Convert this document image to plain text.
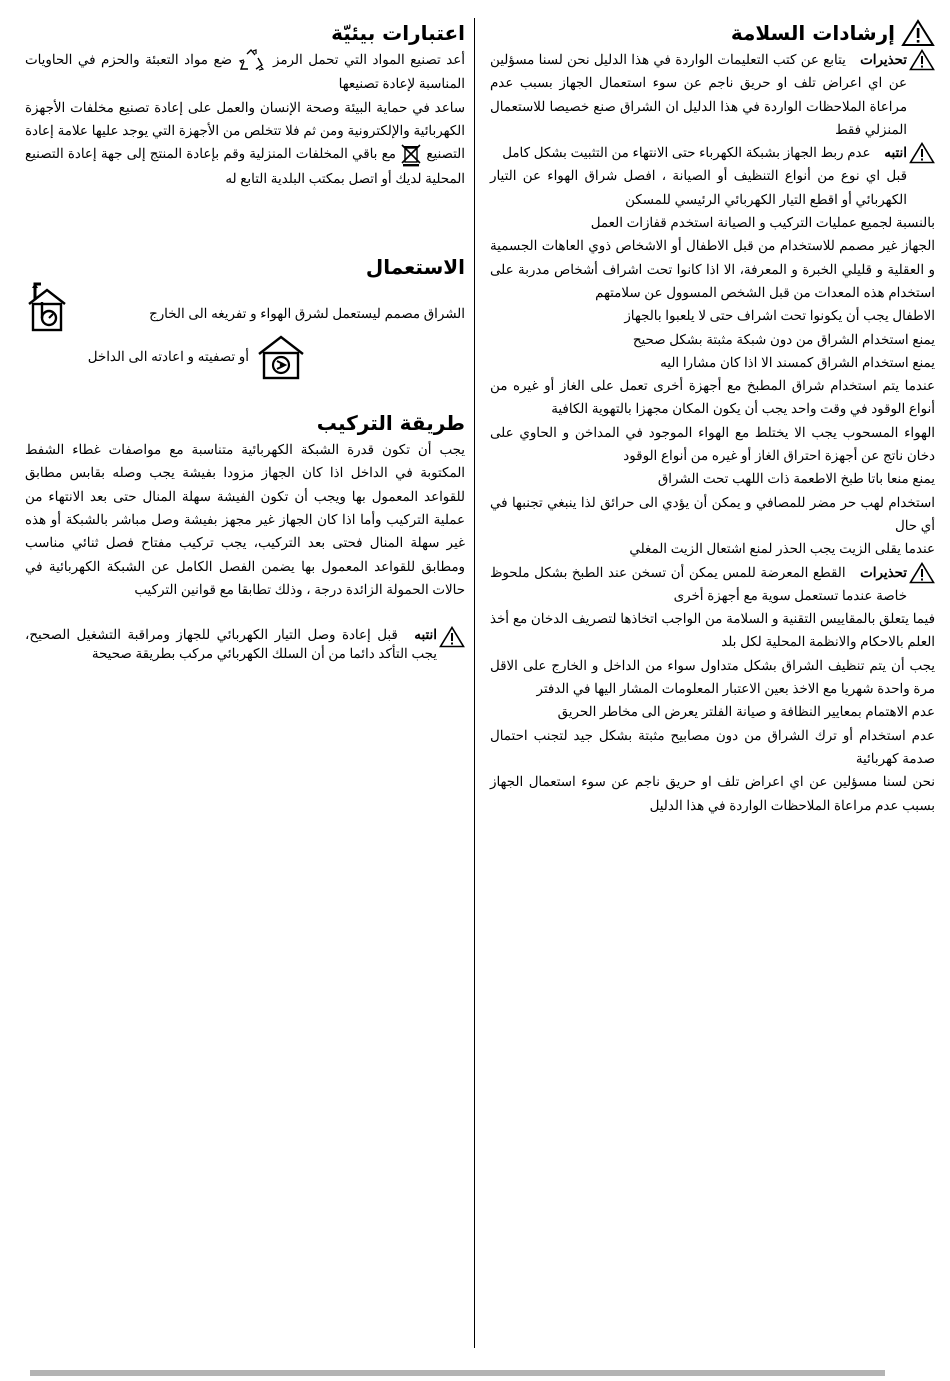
إرشادات السلامة

تحذيرات يتابع عن كتب التعليمات الواردة في هذا الدليل نحن لسنا مسؤلين عن اي اعراض تلف او حريق ناجم عن سوء استعمال الجهاز بسبب عدم مراعاة الملاحظات الواردة في هذا الدليل ان الشراق صنع خصيصا للاستعمال المنزلي فقط

انتبه عدم ربط الجهاز بشبكة الكهرباء حتى الانتهاء من التثبيت بشكل كامل

قبل اي نوع من أنواع التنظيف أو الصيانة ، افصل شراق الهواء عن التيار الكهربائي أو اقطع التيار الكهربائي الرئيسي للمسكن

بالنسبة لجميع عمليات التركيب و الصيانة استخدم قفازات العمل

الجهاز غير مصمم للاستخدام من قبل الاطفال أو الاشخاص ذوي العاهات الجسمية و العقلية و قليلي الخبرة و المعرفة، الا اذا كانوا تحت اشراف أشخاص مدربة على استخدام هذه المعدات من قبل الشخص المسوول عن سلامتهم

الاطفال يجب أن يكونوا تحت اشراف حتى لا يلعبوا بالجهاز

يمنع استخدام الشراق من دون شبكة مثبتة بشكل صحيح

يمنع استخدام الشراق كمسند الا اذا كان مشارا اليه

عندما يتم استخدام شراق المطبخ مع أجهزة أخرى تعمل على الغاز أو غيره من أنواع الوقود في وقت واحد يجب أن يكون المكان مجهزا بالتهوية الكافية

الهواء المسحوب يجب الا يختلط مع الهواء الموجود في المداخن و الحاوي على دخان ناتج عن أجهزة احتراق الغاز أو غيره من أنواع الوقود

يمنع منعا باتا طبخ الاطعمة ذات اللهب تحت الشراق

استخدام لهب حر مضر للمصافي و يمكن أن يؤدي الى حرائق لذا ينبغي تجنبها في أي حال

عندما يقلى الزيت يجب الحذر لمنع اشتعال الزيت المغلي

تحذيرات القطع المعرضة للمس يمكن أن تسخن عند الطبخ بشكل ملحوظ خاصة عندما تستعمل سوية مع أجهزة أخرى

فيما يتعلق بالمقاييس التقنية و السلامة من الواجب اتخاذها لتصريف الدخان مع أخذ العلم بالاحكام والانظمة المحلية لكل بلد

يجب أن يتم تنظيف الشراق بشكل متداول سواء من الداخل و الخارج على الاقل مرة واحدة شهريا مع الاخذ بعين الاعتبار المعلومات المشار اليها في الدفتر

عدم الاهتمام بمعايير النظافة و صيانة الفلتر يعرض الى مخاطر الحريق

عدم استخدام أو ترك الشراق من دون مصابيح مثبتة بشكل جيد لتجنب احتمال صدمة كهربائية

نحن لسنا مسؤلين عن اي اعراض تلف او حريق ناجم عن سوء استعمال الجهاز بسبب عدم مراعاة الملاحظات الواردة في هذا الدليل

اعتبارات بيئيّة

أعد تصنيع المواد التي تحمل الرمز  ضع مواد التعبئة والحزم في الحاويات المناسبة لإعادة تصنيعها

ساعد في حماية البيئة وصحة الإنسان والعمل على إعادة تصنيع مخلفات الأجهزة الكهربائية والإلكترونية ومن ثم فلا تتخلص من الأجهزة التي يوجد عليها علامة إعادة التصنيع  مع باقي المخلفات المنزلية وقم بإعادة المنتج إلى جهة إعادة التصنيع المحلية لديك أو اتصل بمكتب البلدية التابع له

الاستعمال

الشراق مصمم ليستعمل لشرق الهواء و تفريغه الى الخارج

أو تصفيته و اعادته الى الداخل

طريقة التركيب

يجب أن تكون قدرة الشبكة الكهربائية متناسبة مع مواصفات غطاء الشفط المكتوبة في الداخل اذا كان الجهاز مزودا بفيشة يجب وصله بقابس مطابق للقواعد المعمول بها ويجب أن تكون الفيشة سهلة المنال حتى بعد الانتهاء من عملية التركيب وأما اذا كان الجهاز غير مجهز بفيشة وصل مباشر بالشبكة أو هذه غير سهلة المنال فحتى بعد التركيب، يجب تركيب مفتاح فصل ثنائي مناسب ومطابق للقواعد المعمول بها يضمن الفصل الكامل عن الشبكة الكهربائية في حالات الحمولة الزائدة درجة ، وذلك تطابقا مع قوانين التركيب

انتبه قبل إعادة وصل التيار الكهربائي للجهاز ومراقبة التشغيل الصحيح، يجب التأكد دائما من أن السلك الكهربائي مركب بطريقة صحيحة
